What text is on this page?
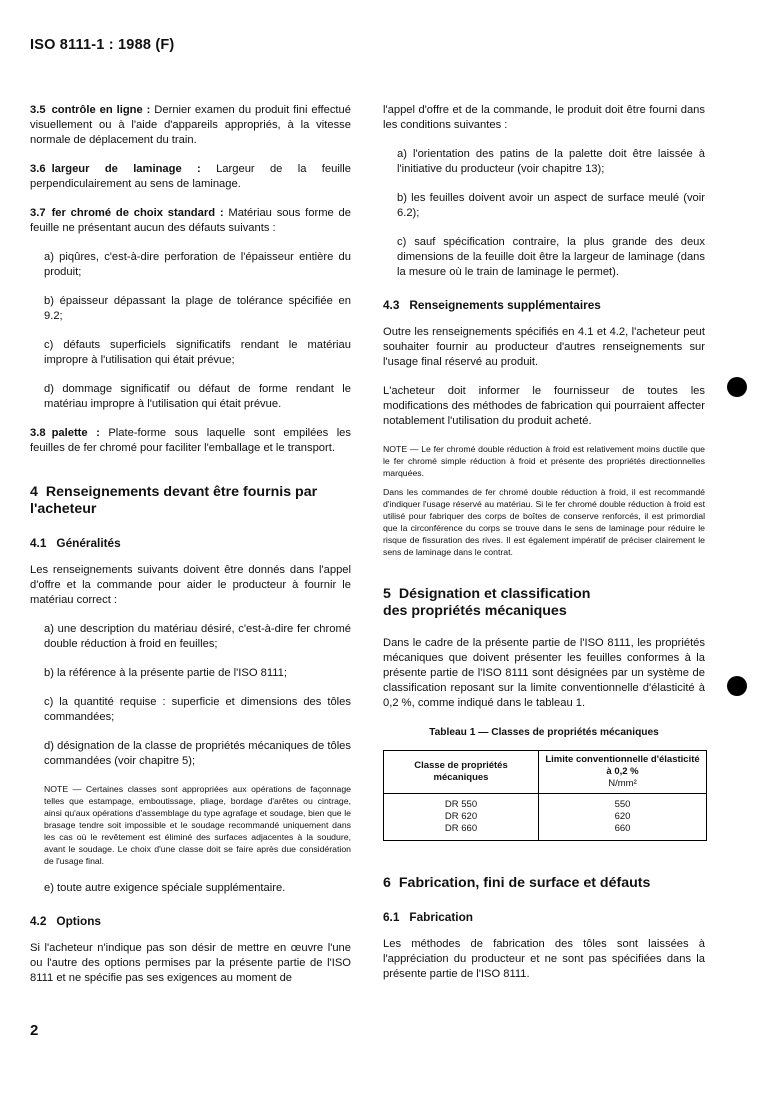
ISO 8111-1 : 1988 (F)

3.5 contrôle en ligne : Dernier examen du produit fini effectué visuellement ou à l'aide d'appareils appropriés, à la vitesse normale de déplacement du train.

3.6 largeur de laminage : Largeur de la feuille perpendiculairement au sens de laminage.

3.7 fer chromé de choix standard : Matériau sous forme de feuille ne présentant aucun des défauts suivants :

a) piqûres, c'est-à-dire perforation de l'épaisseur entière du produit;
b) épaisseur dépassant la plage de tolérance spécifiée en 9.2;
c) défauts superficiels significatifs rendant le matériau impropre à l'utilisation qui était prévue;
d) dommage significatif ou défaut de forme rendant le matériau impropre à l'utilisation qui était prévue.

3.8 palette : Plate-forme sous laquelle sont empilées les feuilles de fer chromé pour faciliter l'emballage et le transport.

4 Renseignements devant être fournis par l'acheteur
4.1 Généralités

Les renseignements suivants doivent être donnés dans l'appel d'offre et la commande pour aider le producteur à fournir le matériau correct :

a) une description du matériau désiré, c'est-à-dire fer chromé double réduction à froid en feuilles;
b) la référence à la présente partie de l'ISO 8111;
c) la quantité requise : superficie et dimensions des tôles commandées;
d) désignation de la classe de propriétés mécaniques de tôles commandées (voir chapitre 5);
NOTE — Certaines classes sont appropriées aux opérations de façonnage telles que estampage, emboutissage, pliage, bordage d'arêtes ou cintrage, ainsi qu'aux opérations d'assemblage du type agrafage et soudage, bien que le brasage tendre soit impossible et le soudage recommandé uniquement dans les cas où le revêtement est éliminé des surfaces adjacentes à la soudure, avant le soudage. Le choix d'une classe doit se faire après due considération de l'usage final.
e) toute autre exigence spéciale supplémentaire.
4.2 Options

Si l'acheteur n'indique pas son désir de mettre en œuvre l'une ou l'autre des options permises par la présente partie de l'ISO 8111 et ne spécifie pas ses exigences au moment de

l'appel d'offre et de la commande, le produit doit être fourni dans les conditions suivantes :

a) l'orientation des patins de la palette doit être laissée à l'initiative du producteur (voir chapitre 13);
b) les feuilles doivent avoir un aspect de surface meulé (voir 6.2);
c) sauf spécification contraire, la plus grande des deux dimensions de la feuille doit être la largeur de laminage (dans la mesure où le train de laminage le permet).
4.3 Renseignements supplémentaires

Outre les renseignements spécifiés en 4.1 et 4.2, l'acheteur peut souhaiter fournir au producteur d'autres renseignements sur l'usage final réservé au produit.

L'acheteur doit informer le fournisseur de toutes les modifications des méthodes de fabrication qui pourraient affecter notablement l'utilisation du produit acheté.

NOTE — Le fer chromé double réduction à froid est relativement moins ductile que le fer chromé simple réduction à froid et présente des propriétés directionnelles marquées.
Dans les commandes de fer chromé double réduction à froid, il est recommandé d'indiquer l'usage réservé au matériau. Si le fer chromé double réduction à froid est utilisé pour fabriquer des corps de boîtes de conserve renforcés, il est primordial que la circonférence du corps se trouve dans le sens de laminage pour réduire le risque de fissuration des rives. Il est également impératif de préciser clairement le sens de laminage dans le contrat.
5 Désignation et classification
des propriétés mécaniques

Dans le cadre de la présente partie de l'ISO 8111, les propriétés mécaniques que doivent présenter les feuilles conformes à la présente partie de l'ISO 8111 sont désignées par un système de classification reposant sur la limite conventionnelle d'élasticité à 0,2 %, comme indiqué dans le tableau 1.

Tableau 1 — Classes de propriétés mécaniques
Classe de propriétés mécaniques	Limite conventionnelle d'élasticité à 0,2 %
N/mm²

DR 550	550
DR 620	620
DR 660	660
6 Fabrication, fini de surface et défauts
6.1 Fabrication

Les méthodes de fabrication des tôles sont laissées à l'appréciation du producteur et ne sont pas spécifiées dans la présente partie de l'ISO 8111.

2
